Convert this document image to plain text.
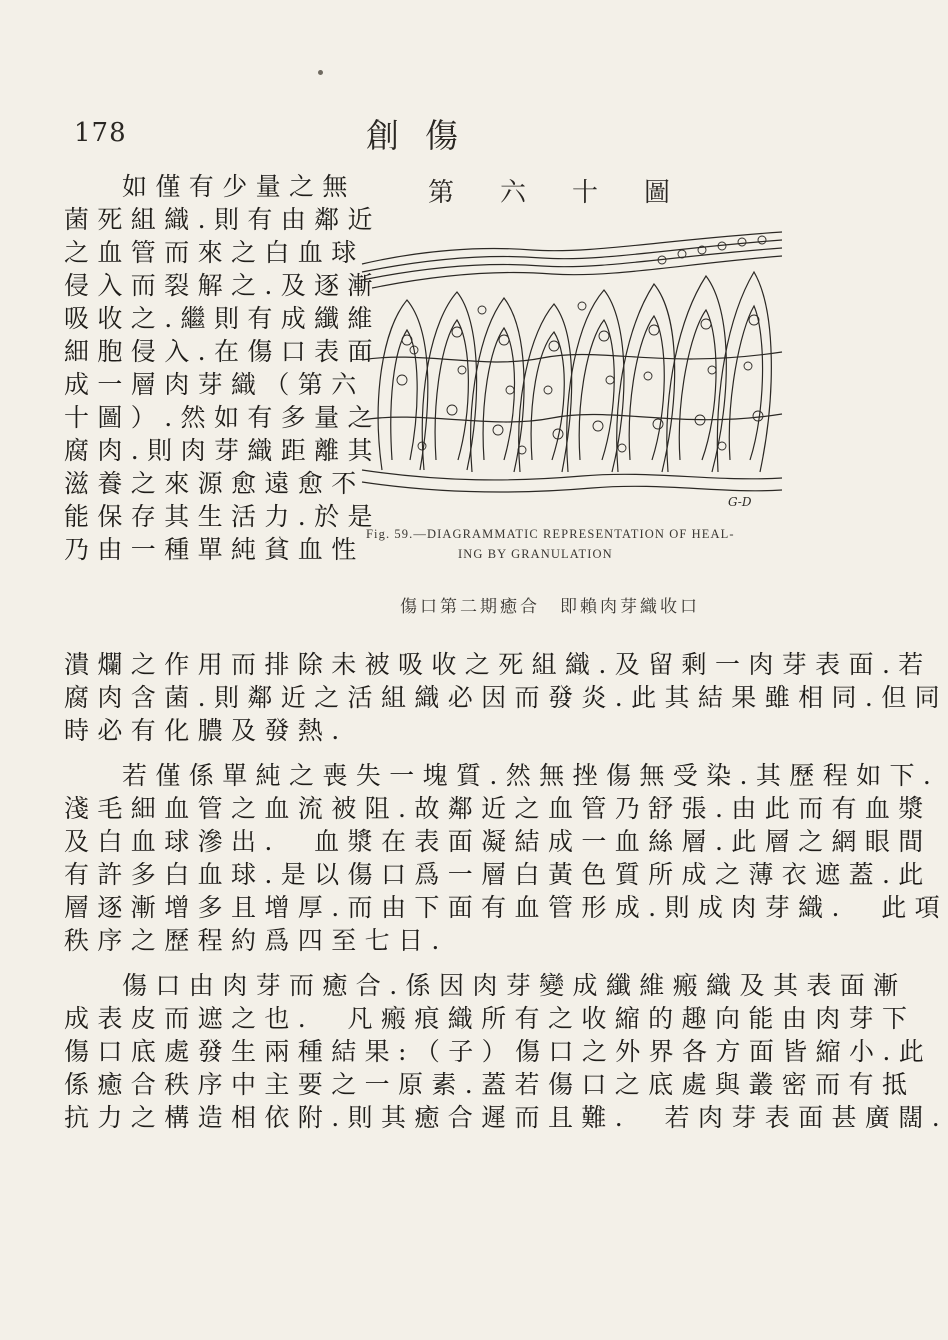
178	創傷

如僅有少量之無

菌死組織.則有由鄰近

之血管而來之白血球

侵入而裂解之.及逐漸

吸收之.繼則有成纖維

細胞侵入.在傷口表面

成一層肉芽織（第六

十圖）.然如有多量之

腐肉.則肉芽織距離其

滋養之來源愈遠愈不

能保存其生活力.於是

乃由一種單純貧血性

第六十圖
G-D
Fig. 59.—DIAGRAMMATIC REPRESENTATION OF HEAL-
ING BY GRANULATION
傷口第二期癒合　即賴肉芽織收口

潰爛之作用而排除未被吸收之死組織.及留剩一肉芽表面.若

腐肉含菌.則鄰近之活組織必因而發炎.此其結果雖相同.但同

時必有化膿及發熱.

若僅係單純之喪失一塊質.然無挫傷無受染.其歷程如下.

淺毛細血管之血流被阻.故鄰近之血管乃舒張.由此而有血漿

及白血球滲出.　血漿在表面凝結成一血絲層.此層之網眼間

有許多白血球.是以傷口爲一層白黃色質所成之薄衣遮蓋.此

層逐漸增多且增厚.而由下面有血管形成.則成肉芽織.　此項

秩序之歷程約爲四至七日.

傷口由肉芽而癒合.係因肉芽變成纖維瘢織及其表面漸

成表皮而遮之也.　凡瘢痕織所有之收縮的趣向能由肉芽下

傷口底處發生兩種結果:（子）傷口之外界各方面皆縮小.此

係癒合秩序中主要之一原素.蓋若傷口之底處與叢密而有抵

抗力之構造相依附.則其癒合遲而且難.　若肉芽表面甚廣闊.
